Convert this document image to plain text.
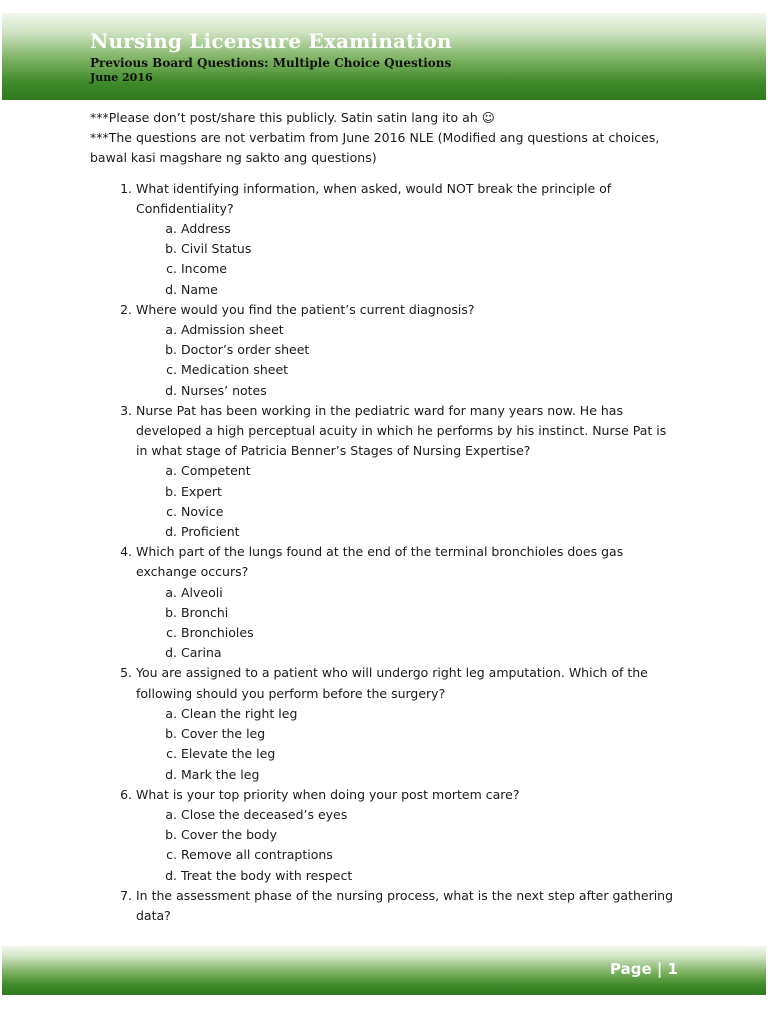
Nursing Licensure Examination
Previous Board Questions: Multiple Choice Questions
June 2016

***Please don’t post/share this publicly. Satin satin lang ito ah ☺

***The questions are not verbatim from June 2016 NLE (Modified ang questions at choices, bawal kasi magshare ng sakto ang questions)

1. What identifying information, when asked, would NOT break the principle of Confidentiality?
a. Address
b. Civil Status
c. Income
d. Name
2. Where would you find the patient’s current diagnosis?
a. Admission sheet
b. Doctor’s order sheet
c. Medication sheet
d. Nurses’ notes
3. Nurse Pat has been working in the pediatric ward for many years now. He has developed a high perceptual acuity in which he performs by his instinct. Nurse Pat is in what stage of Patricia Benner’s Stages of Nursing Expertise?
a. Competent
b. Expert
c. Novice
d. Proficient
4. Which part of the lungs found at the end of the terminal bronchioles does gas exchange occurs?
a. Alveoli
b. Bronchi
c. Bronchioles
d. Carina
5. You are assigned to a patient who will undergo right leg amputation. Which of the following should you perform before the surgery?
a. Clean the right leg
b. Cover the leg
c. Elevate the leg
d. Mark the leg
6. What is your top priority when doing your post mortem care?
a. Close the deceased’s eyes
b. Cover the body
c. Remove all contraptions
d. Treat the body with respect
7. In the assessment phase of the nursing process, what is the next step after gathering data?
Page | 1
